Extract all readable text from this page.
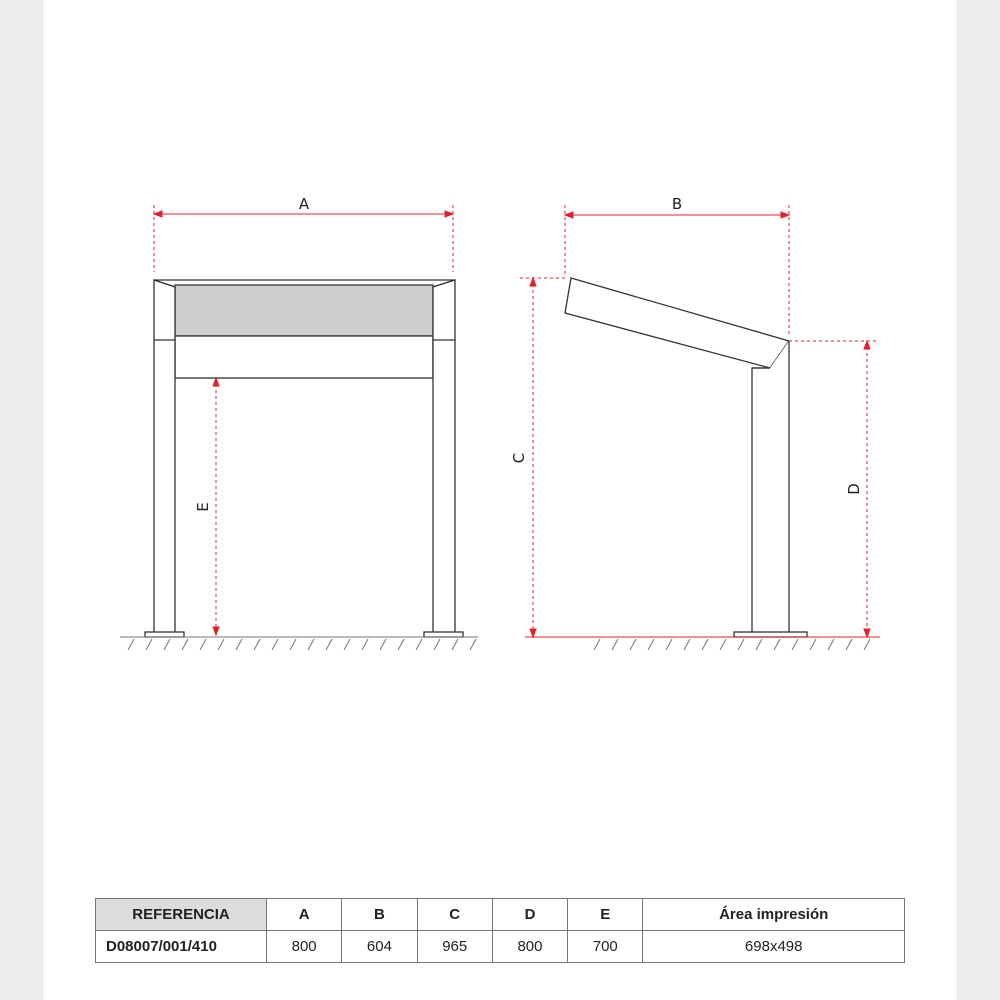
A	B
C
D
E
REFERENCIA	A	B	C	D	E	Área impresión
D08007/001/410	800	604	965	800	700	698x498
